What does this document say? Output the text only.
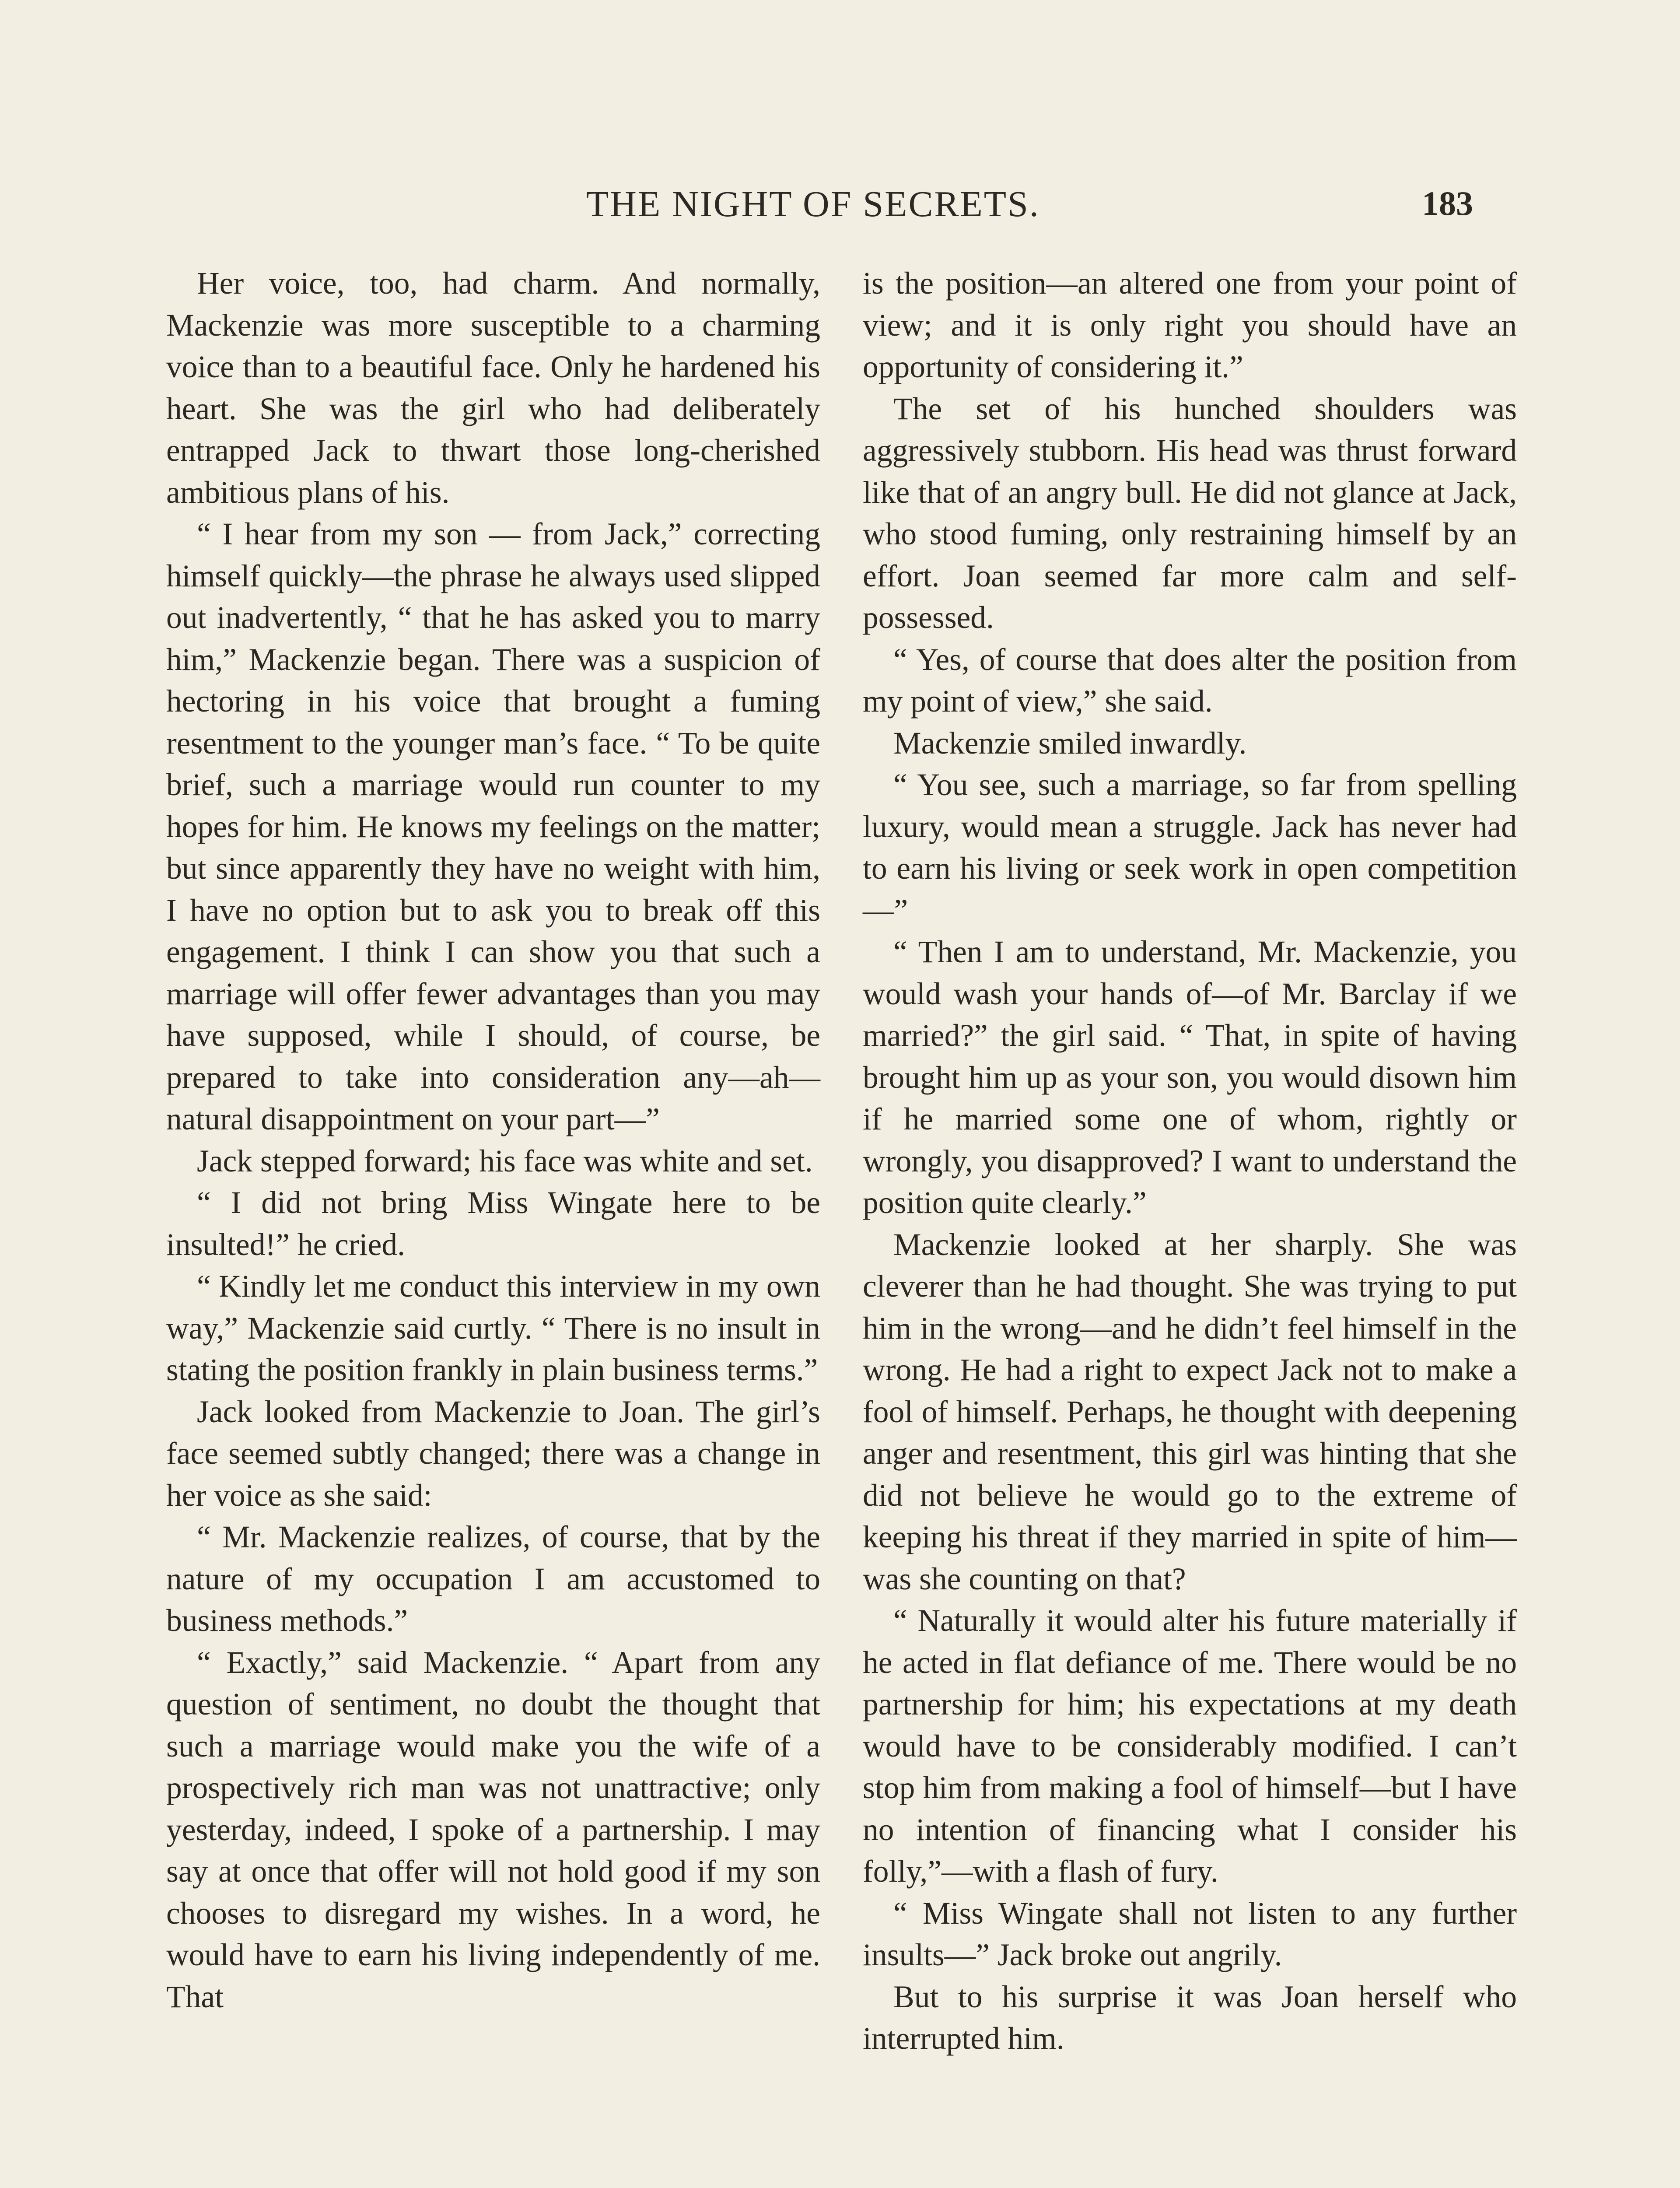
THE NIGHT OF SECRETS.	183

Her voice, too, had charm. And normally, Mackenzie was more susceptible to a charming voice than to a beautiful face. Only he hardened his heart. She was the girl who had deliberately entrapped Jack to thwart those long-cherished ambitious plans of his.

“ I hear from my son — from Jack,” correcting himself quickly—the phrase he always used slipped out inadvertently, “ that he has asked you to marry him,” Mackenzie began. There was a suspicion of hectoring in his voice that brought a fuming resentment to the younger man’s face. “ To be quite brief, such a marriage would run counter to my hopes for him. He knows my feelings on the matter; but since apparently they have no weight with him, I have no option but to ask you to break off this engagement. I think I can show you that such a marriage will offer fewer advantages than you may have supposed, while I should, of course, be prepared to take into consideration any—ah—natural disappointment on your part—”

Jack stepped forward; his face was white and set.

“ I did not bring Miss Wingate here to be insulted!” he cried.

“ Kindly let me conduct this interview in my own way,” Mackenzie said curtly. “ There is no insult in stating the position frankly in plain business terms.”

Jack looked from Mackenzie to Joan. The girl’s face seemed subtly changed; there was a change in her voice as she said:

“ Mr. Mackenzie realizes, of course, that by the nature of my occupation I am accustomed to business methods.”

“ Exactly,” said Mackenzie. “ Apart from any question of sentiment, no doubt the thought that such a marriage would make you the wife of a prospectively rich man was not unattractive; only yesterday, indeed, I spoke of a partnership. I may say at once that offer will not hold good if my son chooses to disregard my wishes. In a word, he would have to earn his living independently of me. That

is the position—an altered one from your point of view; and it is only right you should have an opportunity of considering it.”

The set of his hunched shoulders was aggressively stubborn. His head was thrust forward like that of an angry bull. He did not glance at Jack, who stood fuming, only restraining himself by an effort. Joan seemed far more calm and self-possessed.

“ Yes, of course that does alter the position from my point of view,” she said.

Mackenzie smiled inwardly.

“ You see, such a marriage, so far from spelling luxury, would mean a struggle. Jack has never had to earn his living or seek work in open competition—”

“ Then I am to understand, Mr. Mackenzie, you would wash your hands of—of Mr. Barclay if we married?” the girl said. “ That, in spite of having brought him up as your son, you would disown him if he married some one of whom, rightly or wrongly, you disapproved? I want to understand the position quite clearly.”

Mackenzie looked at her sharply. She was cleverer than he had thought. She was trying to put him in the wrong—and he didn’t feel himself in the wrong. He had a right to expect Jack not to make a fool of himself. Perhaps, he thought with deepening anger and resentment, this girl was hinting that she did not believe he would go to the extreme of keeping his threat if they married in spite of him—was she counting on that?

“ Naturally it would alter his future materially if he acted in flat defiance of me. There would be no partnership for him; his expectations at my death would have to be considerably modified. I can’t stop him from making a fool of himself—but I have no intention of financing what I consider his folly,”—with a flash of fury.

“ Miss Wingate shall not listen to any further insults—” Jack broke out angrily.

But to his surprise it was Joan herself who interrupted him.
